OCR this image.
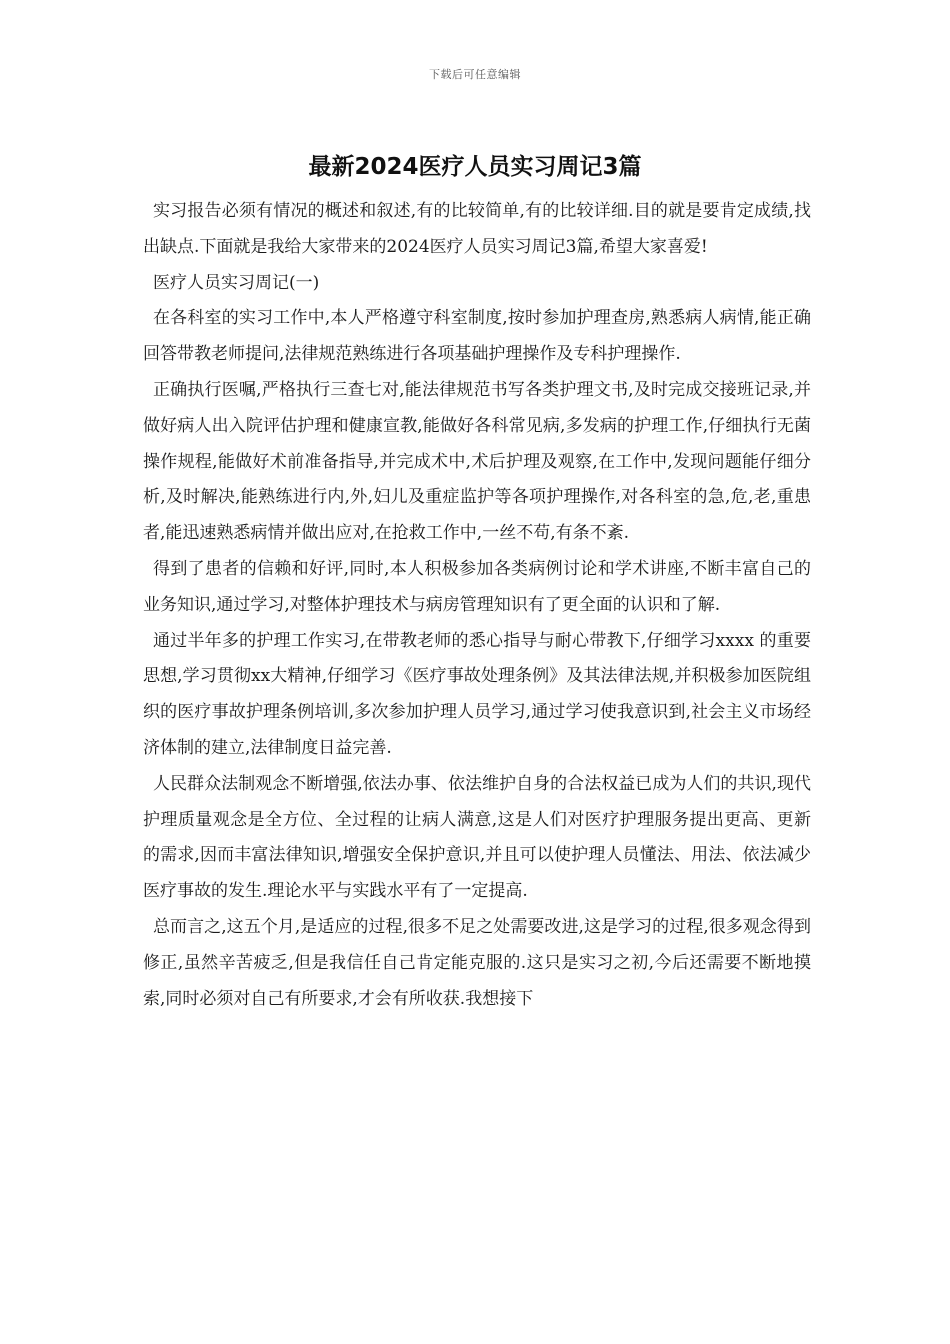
下载后可任意编辑
最新2024医疗人员实习周记3篇

实习报告必须有情况的概述和叙述,有的比较简单,有的比较详细.目的就是要肯定成绩,找出缺点.下面就是我给大家带来的2024医疗人员实习周记3篇,希望大家喜爱!

医疗人员实习周记(一)

在各科室的实习工作中,本人严格遵守科室制度,按时参加护理查房,熟悉病人病情,能正确回答带教老师提问,法律规范熟练进行各项基础护理操作及专科护理操作.

正确执行医嘱,严格执行三查七对,能法律规范书写各类护理文书,及时完成交接班记录,并做好病人出入院评估护理和健康宣教,能做好各科常见病,多发病的护理工作,仔细执行无菌操作规程,能做好术前准备指导,并完成术中,术后护理及观察,在工作中,发现问题能仔细分析,及时解决,能熟练进行内,外,妇儿及重症监护等各项护理操作,对各科室的急,危,老,重患者,能迅速熟悉病情并做出应对,在抢救工作中,一丝不苟,有条不紊.

得到了患者的信赖和好评,同时,本人积极参加各类病例讨论和学术讲座,不断丰富自己的业务知识,通过学习,对整体护理技术与病房管理知识有了更全面的认识和了解.

通过半年多的护理工作实习,在带教老师的悉心指导与耐心带教下,仔细学习xxxx 的重要思想,学习贯彻xx大精神,仔细学习《医疗事故处理条例》及其法律法规,并积极参加医院组织的医疗事故护理条例培训,多次参加护理人员学习,通过学习使我意识到,社会主义市场经济体制的建立,法律制度日益完善.

人民群众法制观念不断增强,依法办事、依法维护自身的合法权益已成为人们的共识,现代护理质量观念是全方位、全过程的让病人满意,这是人们对医疗护理服务提出更高、更新的需求,因而丰富法律知识,增强安全保护意识,并且可以使护理人员懂法、用法、依法减少医疗事故的发生.理论水平与实践水平有了一定提高.

总而言之,这五个月,是适应的过程,很多不足之处需要改进,这是学习的过程,很多观念得到修正,虽然辛苦疲乏,但是我信任自己肯定能克服的.这只是实习之初,今后还需要不断地摸索,同时必须对自己有所要求,才会有所收获.我想接下
